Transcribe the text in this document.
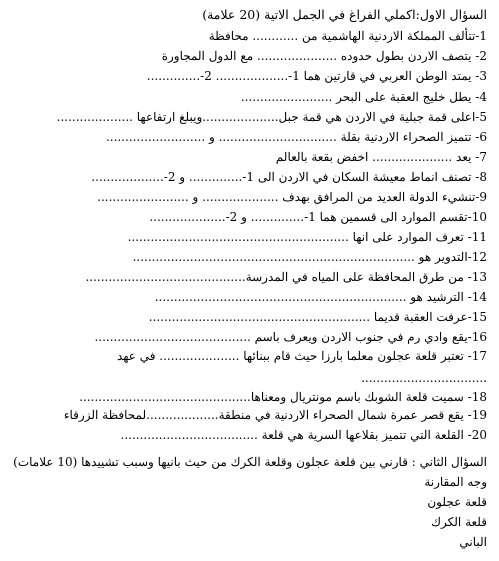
السؤال الاول:اكملي الفراغ في الجمل الاتية (20 علامة)
1-تتألف المملكة الاردنية الهاشمية من ............ محافظة
2- يتصف الاردن بطول حدوده ..................... مع الدول المجاورة
3- يمتد الوطن العربي في قارتين هما 1-................... 2-..............
4- يطل خليج العقبة على البحر ........................
5-اعلى قمة جبلية في الاردن هي قمة جبل....................ويبلغ ارتفاعها ....................
6- تتميز الصحراء الاردنية بقلة ............................... و ..........................
7- يعد ..................... اخفض بقعة بالعالم
8- تصنف انماط معيشة السكان في الاردن الى 1-.............. و 2-...................
9-تنشيء الدولة العديد من المرافق بهدف .................... و ........................
10-تقسم الموارد الى قسمين هما 1-.............. و 2-....................
11- تعرف الموارد على انها ..........................................................
12-التدوير هو ..........................................................................
13- من طرق المحافظة على المياه في المدرسة..........................................
14- الترشيد هو ..................................................................
15-عرفت العقبة قديما ..........................................................
16-يقع وادي رم في جنوب الاردن ويعرف باسم .........................................
17- تعتبر قلعة عجلون معلما بارزا حيث قام ببنائها ..................... في عهد
.................................
18- سميت قلعة الشوبك باسم مونتريال ومعناها.............................................
19- يقع قصر عمرة شمال الصحراء الاردنية في منطقة...................لمحافظة الزرقاء
20- القلعة التي تتميز بقلاعها السرية هي قلعة ....................................
السؤال الثاني : قارني بين قلعة عجلون وقلعة الكرك من حيث بانيها وسبب تشييدها (10 علامات)
وجه المقارنة
قلعة عجلون
قلعة الكرك
الباني
